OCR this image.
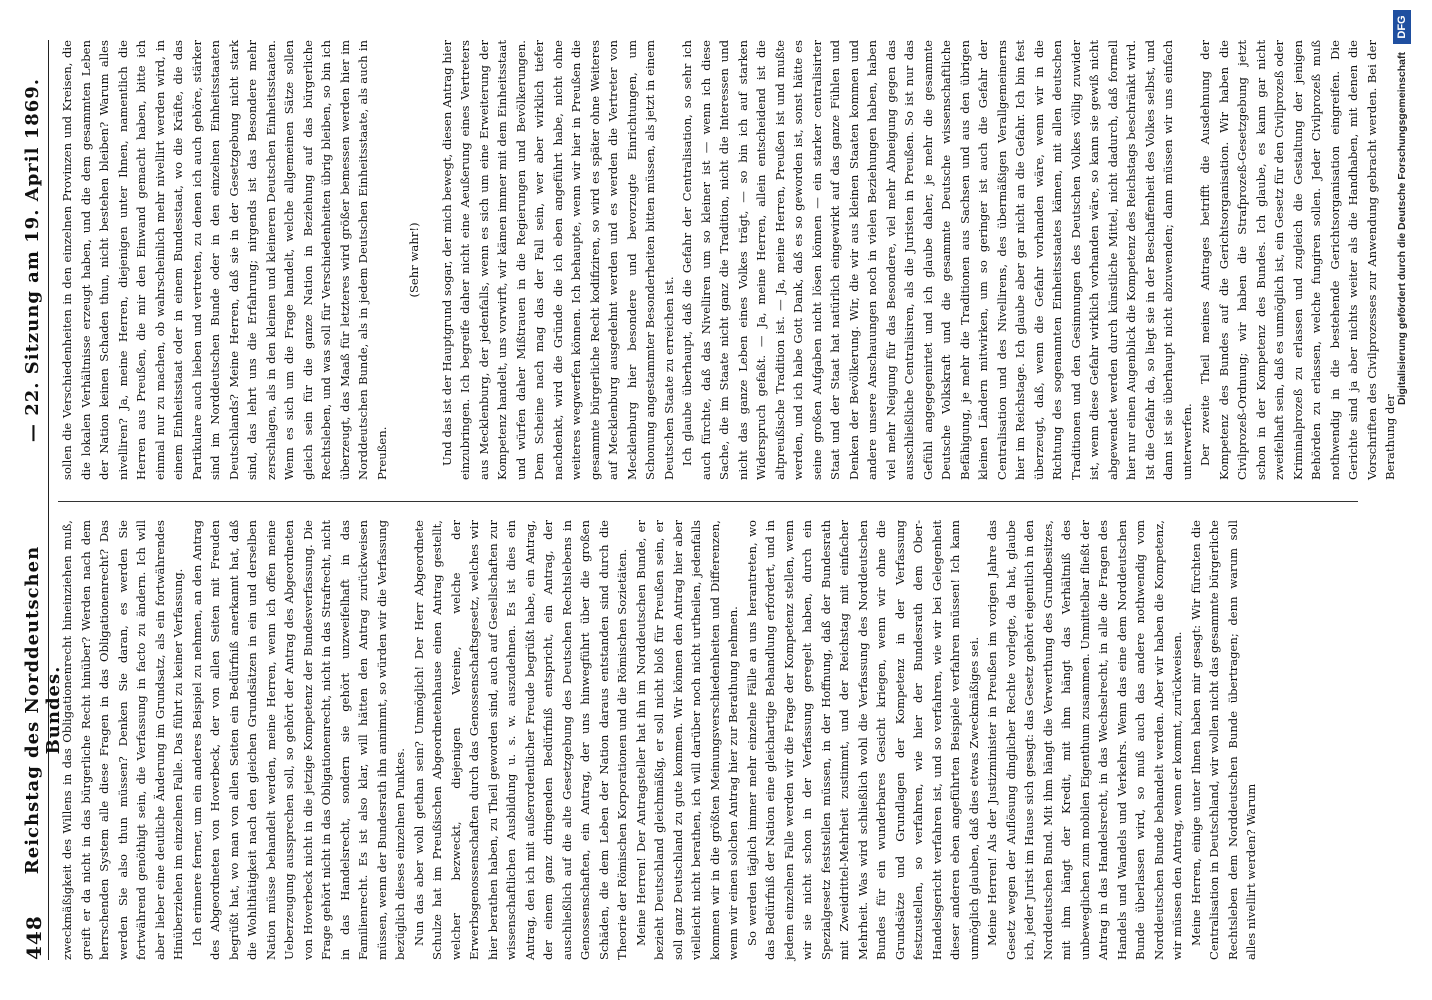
448
Reichstag des Norddeutschen Bundes.
— 22. Sitzung am 19. April 1869.

zweckmäßigkeit des Willens in das Obligationenrecht hineinziehen muß, greift er da nicht in das bürgerliche Recht hinüber? Werden nach dem herrschenden System alle diese Fragen in das Obligationenrecht? Das werden Sie also thun müssen? Denken Sie daran, es werden Sie fortwährend genöthigt sein, die Verfassung in facto zu ändern. Ich will aber lieber eine deutliche Änderung im Grundsatz, als ein fortwährendes Hinüberziehen im einzelnen Falle. Das führt zu keiner Verfassung. Ich erinnere ferner, um ein anderes Beispiel zu nehmen, an den Antrag des Abgeordneten von Hoverbeck, der von allen Seiten mit Freuden begrüßt hat, wo man von allen Seiten ein Bedürfniß anerkannt hat, daß die Wohlthätigkeit nach den gleichen Grundsätzen in ein und derselben Nation müsse behandelt werden, meine Herren, wenn ich offen meine Ueberzeugung aussprechen soll, so gehört der Antrag des Abgeordneten von Hoverbeck nicht in die jetzige Kompetenz der Bundesverfassung. Die Frage gehört nicht in das Obligationenrecht, nicht in das Strafrecht, nicht in das Handelsrecht, sondern sie gehört unzweifelhaft in das Familienrecht. Es ist also klar, will hätten den Antrag zurückweisen müssen, wenn der Bundesrath ihn annimmt, so würden wir die Verfassung bezüglich dieses einzelnen Punktes. Nun das aber wohl gethan sein? Unmöglich! Der Herr Abgeordnete Schulze hat im Preußischen Abgeordnetenhause einen Antrag gestellt, welcher bezweckt, diejenigen Vereine, welche der Erwerbsgenossenschaften durch das Genossenschaftsgesetz, welches wir hier berathen haben, zu Theil geworden sind, auch auf Gesellschaften zur wissenschaftlichen Ausbildung u. s. w. auszudehnen. Es ist dies ein Antrag, den ich mit außerordentlicher Freude begrüßt habe, ein Antrag, der einem ganz dringenden Bedürfniß entspricht, ein Antrag, der auschließlich auf die alte Gesetzgebung des Deutschen Rechtslebens in Genossenschaften, ein Antrag, der uns hinwegführt über die großen Schäden, die dem Leben der Nation daraus entstanden sind durch die Theorie der Römischen Korporationen und die Römischen Sozietäten. Meine Herren! Der Antragsteller hat ihn im Norddeutschen Bunde, er bezieht Deutschland gleichmäßig, er soll nicht bloß für Preußen sein, er soll ganz Deutschland zu gute kommen. Wir können den Antrag hier aber vielleicht nicht berathen, ich will darüber noch nicht urtheilen, jedenfalls kommen wir in die größten Meinungsverschiedenheiten und Differenzen, wenn wir einen solchen Antrag hier zur Berathung nehmen. So werden täglich immer mehr einzelne Fälle an uns herantreten, wo das Bedürfniß der Nation eine gleichartige Behandlung erfordert, und in jedem einzelnen Falle werden wir die Frage der Kompetenz stellen, wenn wir sie nicht schon in der Verfassung geregelt haben, durch ein Spezialgesetz feststellen müssen, in der Hoffnung, daß der Bundesrath mit Zweidrittel-Mehrheit zustimmt, und der Reichstag mit einfacher Mehrheit. Was wird schließlich wohl die Verfassung des Norddeutschen Bundes für ein wunderbares Gesicht kriegen, wenn wir ohne die Grundsätze und Grundlagen der Kompetenz in der Verfassung festzustellen, so verfahren, wie hier der Bundesrath dem Ober-Handelsgericht verfahren ist, und so verfahren, wie wir bei Gelegenheit dieser anderen eben angeführten Beispiele verfahren müssen! Ich kann unmöglich glauben, daß dies etwas Zweckmäßiges sei. Meine Herren! Als der Justizminister in Preußen im vorigen Jahre das Gesetz wegen der Auflösung dinglicher Rechte vorlegte, da hat, glaube ich, jeder Jurist im Hause sich gesagt: das Gesetz gehört eigentlich in den Norddeutschen Bund. Mit ihm hängt die Verwerthung des Grundbesitzes, mit ihm hängt der Kredit, mit ihm hängt das Verhältniß des unbeweglichen zum mobilen Eigenthum zusammen. Unmittelbar fließt der Antrag in das Handelsrecht, in das Wechselrecht, in alle die Fragen des Handels und Wandels und Verkehrs. Wenn das eine dem Norddeutschen Bunde überlassen wird, so muß auch das andere nothwendig vom Norddeutschen Bunde behandelt werden. Aber wir haben die Kompetenz, wir müssen den Antrag, wenn er kommt, zurückweisen. Meine Herren, einige unter Ihnen haben mir gesagt: Wir fürchten die Centralisation in Deutschland, wir wollen nicht das gesammte bürgerliche Rechtsleben dem Norddeutschen Bunde übertragen; denn warum soll alles nivellirt werden? Warum

sollen die Verschiedenheiten in den einzelnen Provinzen und Kreisen, die die lokalen Verhältnisse erzeugt haben, und die dem gesammten Leben der Nation keinen Schaden thun, nicht bestehen bleiben? Warum alles nivelliren? Ja, meine Herren, diejenigen unter Ihnen, namentlich die Herren aus Preußen, die mir den Einwand gemacht haben, bitte ich einmal nur zu machen, ob wahrscheinlich mehr nivellirt werden wird, in einem Einheitsstaat oder in einem Bundesstaat, wo die Kräfte, die das Partikulare auch lieben und vertreten, zu denen ich auch gehöre, stärker sind im Norddeutschen Bunde oder in den einzelnen Einheitsstaaten Deutschlands? Meine Herren, daß sie in der Gesetzgebung nicht stark sind, das lehrt uns die Erfahrung; nirgends ist das Besondere mehr zerschlagen, als in den kleinen und kleineren Deutschen Einheitsstaaten. Wenn es sich um die Frage handelt, welche allgemeinen Sätze sollen gleich sein für die ganze Nation in Beziehung auf das bürgerliche Rechtsleben, und was soll für Verschiedenheiten übrig bleiben, so bin ich überzeugt, das Maaß für letzteres wird größer bemessen werden hier im Norddeutschen Bunde, als in jedem Deutschen Einheitsstaate, als auch in Preußen.

(Sehr wahr!) Und das ist der Hauptgrund sogar, der mich bewegt, diesen Antrag hier einzubringen. Ich begreife daher nicht eine Aeußerung eines Vertreters aus Mecklenburg, der jedenfalls, wenn es sich um eine Erweiterung der Kompetenz handelt, uns vorwirft, wir kämen immer mit dem Einheitsstaat und würfen daher Mißtrauen in die Regierungen und Bevölkerungen. Dem Scheine nach mag das der Fall sein, wer aber wirklich tiefer nachdenkt, wird die Gründe die ich eben angeführt habe, nicht ohne weiteres wegwerfen können. Ich behaupte, wenn wir hier in Preußen die gesammte bürgerliche Recht kodifiziren, so wird es später ohne Weiteres auf Mecklenburg ausgedehnt werden und es werden die Vertreter von Mecklenburg hier besondere und bevorzugte Einrichtungen, um Schonung angestammter Besonderheiten bitten müssen, als jetzt in einem Deutschen Staate zu erreichen ist. Ich glaube überhaupt, daß die Gefahr der Centralisation, so sehr ich auch fürchte, daß das Nivelliren um so kleiner ist — wenn ich diese Sache, die im Staate nicht ganz die Tradition, nicht die Interessen und nicht das ganze Leben eines Volkes trägt, — so bin ich auf starken Widerspruch gefaßt. — Ja, meine Herren, allein entscheidend ist die altpreußische Tradition ist. — Ja, meine Herren, Preußen ist und mußte werden, und ich habe Gott Dank, daß es so geworden ist, sonst hätte es seine großen Aufgaben nicht lösen können — ein starker centralisirter Staat und der Staat hat natürlich eingewirkt auf das ganze Fühlen und Denken der Bevölkerung. Wir, die wir aus kleinen Staaten kommen und andere unsere Anschauungen noch in vielen Beziehungen haben, haben viel mehr Neigung für das Besondere, viel mehr Abneigung gegen das ausschließliche Centralisiren, als die Juristen in Preußen. So ist nur das Gefühl angegegenirtet und ich glaube daher, je mehr die gesammte Deutsche Volkskraft und die gesammte Deutsche wissenschaftliche Befähigung, je mehr die Traditionen aus Sachsen und aus den übrigen kleinen Ländern mitwirken, um so geringer ist auch die Gefahr der Centralisation und des Nivellirens, des übermäßigen Verallgemeinerns hier im Reichstage. Ich glaube aber gar nicht an die Gefahr. Ich bin fest überzeugt, daß, wenn die Gefahr vorhanden wäre, wenn wir in die Richtung des sogenannten Einheitsstaates kämen, mit allen deutschen Traditionen und den Gesinnungen des Deutschen Volkes völlig zuwider ist, wenn diese Gefahr wirklich vorhanden wäre, so kann sie gewiß nicht abgewendet werden durch künstliche Mittel, nicht dadurch, daß formell hier nur einen Augenblick die Kompetenz des Reichstags beschränkt wird. Ist die Gefahr da, so liegt sie in der Beschaffenheit des Volkes selbst, und dann ist sie überhaupt nicht abzuwenden; dann müssen wir uns einfach unterwerfen. Der zweite Theil meines Antrages betrifft die Ausdehnung der Kompetenz des Bundes auf die Gerichtsorganisation. Wir haben die Civilprozeß-Ordnung; wir haben die Strafprozeß-Gesetzgebung jetzt schon in der Kompetenz des Bundes. Ich glaube, es kann gar nicht zweifelhaft sein, daß es unmöglich ist, ein Gesetz für den Civilprozeß oder Kriminalprozeß zu erlassen und zugleich die Gestaltung der jenigen Behörden zu erlassen, welche fungiren sollen. Jeder Civilprozeß muß nothwendig in die bestehende Gerichtsorganisation eingreifen. Die Gerichte sind ja aber nichts weiter als die Handhaben, mit denen die Vorschriften des Civilprozesses zur Anwendung gebracht werden. Bei der Berathung der

Digitalisierung gefördert durch die Deutsche Forschungsgemeinschaft
DFG
